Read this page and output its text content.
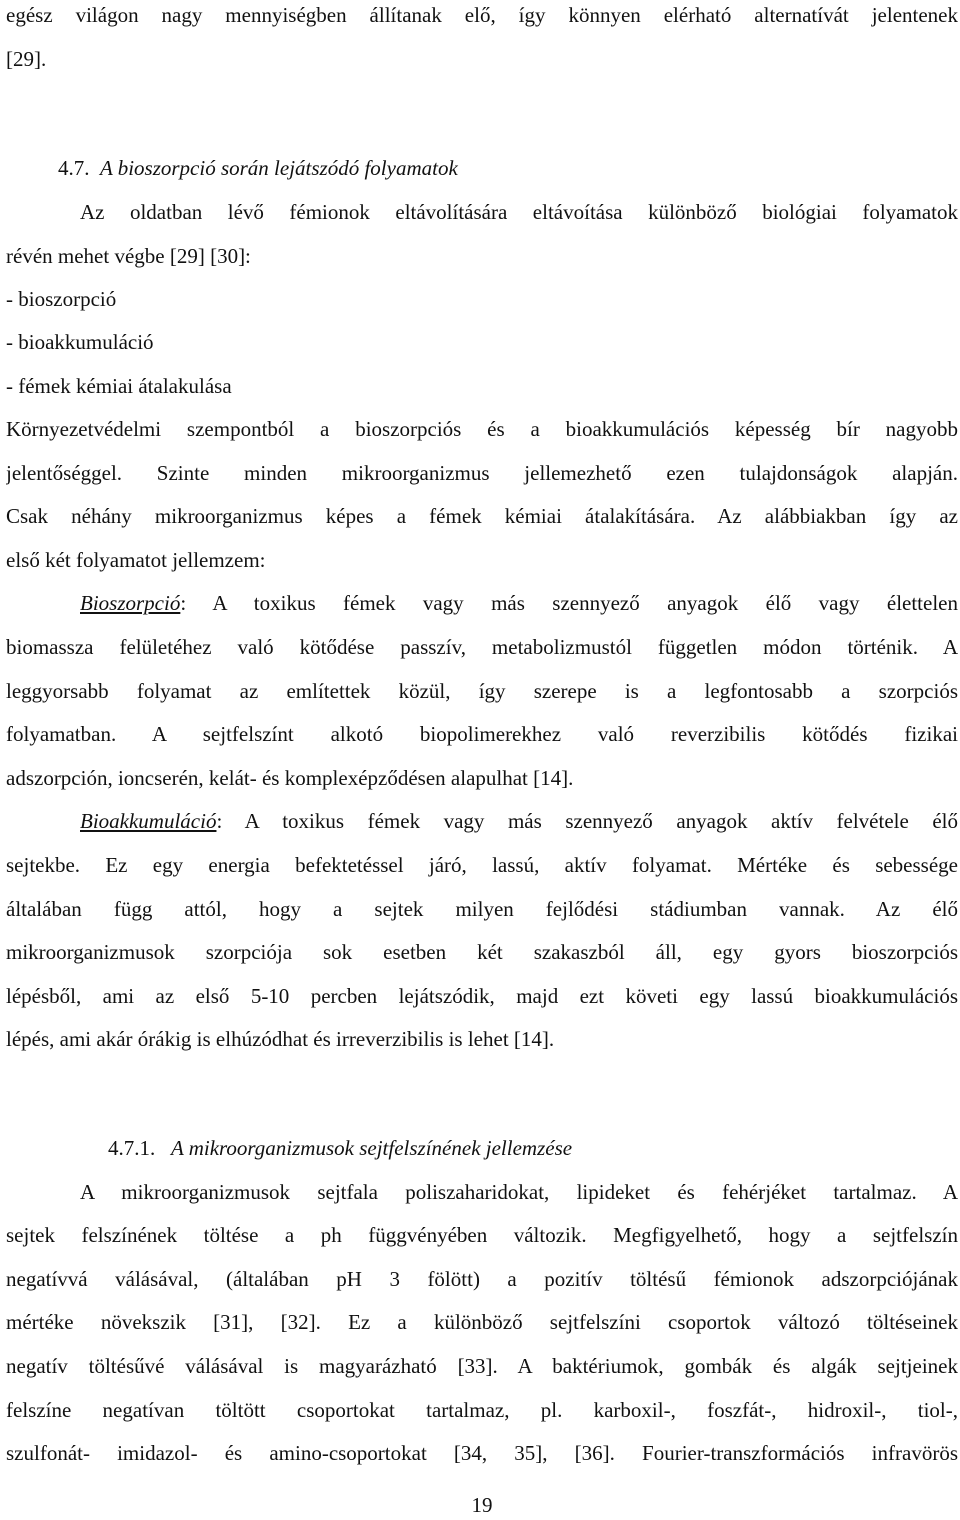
egész világon nagy mennyiségben állítanak elő, így könnyen elérható alternatívát jelentenek
[29].
4.7. A bioszorpció során lejátszódó folyamatok
Az oldatban lévő fémionok eltávolítására eltávoítása különböző biológiai folyamatok
révén mehet végbe [29] [30]:
- bioszorpció
- bioakkumuláció
- fémek kémiai átalakulása
Környezetvédelmi szempontból a bioszorpciós és a bioakkumulációs képesség bír nagyobb
jelentőséggel. Szinte minden mikroorganizmus jellemezhető ezen tulajdonságok alapján.
Csak néhány mikroorganizmus képes a fémek kémiai átalakítására. Az alábbiakban így az
első két folyamatot jellemzem:
Bioszorpció: A toxikus fémek vagy más szennyező anyagok élő vagy élettelen
biomassza felületéhez való kötődése passzív, metabolizmustól független módon történik. A
leggyorsabb folyamat az említettek közül, így szerepe is a legfontosabb a szorpciós
folyamatban. A sejtfelszínt alkotó biopolimerekhez való reverzibilis kötődés fizikai
adszorpción, ioncserén, kelát- és komplexépződésen alapulhat [14].
Bioakkumuláció: A toxikus fémek vagy más szennyező anyagok aktív felvétele élő
sejtekbe. Ez egy energia befektetéssel járó, lassú, aktív folyamat. Mértéke és sebessége
általában függ attól, hogy a sejtek milyen fejlődési stádiumban vannak. Az élő
mikroorganizmusok szorpciója sok esetben két szakaszból áll, egy gyors bioszorpciós
lépésből, ami az első 5-10 percben lejátszódik, majd ezt követi egy lassú bioakkumulációs
lépés, ami akár órákig is elhúzódhat és irreverzibilis is lehet [14].
4.7.1. A mikroorganizmusok sejtfelszínének jellemzése
A mikroorganizmusok sejtfala poliszaharidokat, lipideket és fehérjéket tartalmaz. A
sejtek felszínének töltése a ph függvényében változik. Megfigyelhető, hogy a sejtfelszín
negatívvá válásával, (általában pH 3 fölött) a pozitív töltésű fémionok adszorpciójának
mértéke növekszik [31], [32]. Ez a különböző sejtfelszíni csoportok változó töltéseinek
negatív töltésűvé válásával is magyarázható [33]. A baktériumok, gombák és algák sejtjeinek
felszíne negatívan töltött csoportokat tartalmaz, pl. karboxil-, foszfát-, hidroxil-, tiol-,
szulfonát- imidazol- és amino-csoportokat [34, 35], [36]. Fourier-transzformációs infravörös
19
